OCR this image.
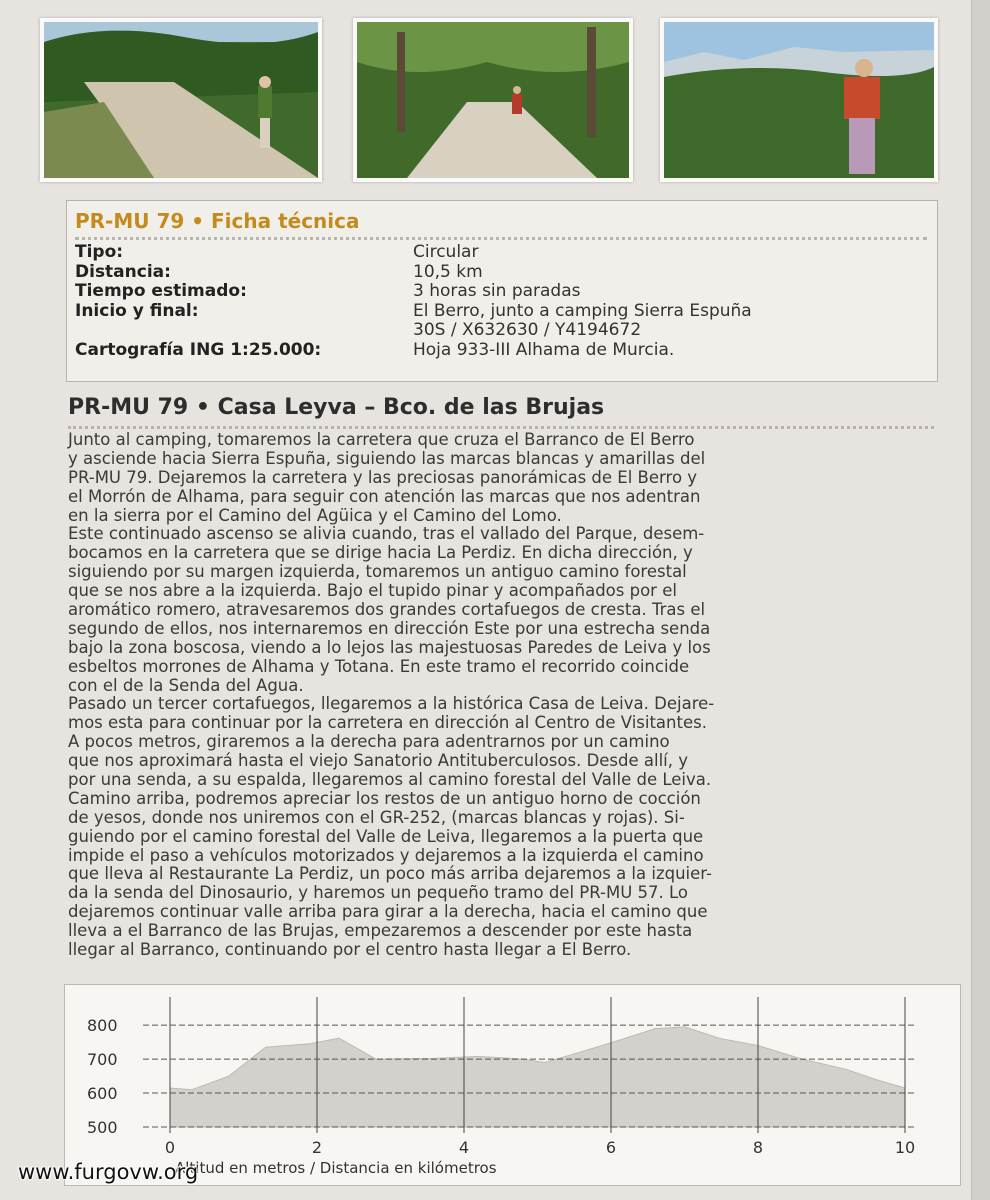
PR-MU 79 • Ficha técnica
Tipo:	Circular
Distancia:	10,5 km
Tiempo estimado:	3 horas sin paradas
Inicio y final:	El Berro, junto a camping Sierra Espuña
30S / X632630 / Y4194672
Cartografía ING 1:25.000:	Hoja 933-III Alhama de Murcia.
PR-MU 79 • Casa Leyva – Bco. de las Brujas
Junto al camping, tomaremos la carretera que cruza el Barranco de El Berro
y asciende hacia Sierra Espuña, siguiendo las marcas blancas y amarillas del
PR-MU 79. Dejaremos la carretera y las preciosas panorámicas de El Berro y
el Morrón de Alhama, para seguir con atención las marcas que nos adentran
en la sierra por el Camino del Agüica y el Camino del Lomo.
Este continuado ascenso se alivia cuando, tras el vallado del Parque, desem-
bocamos en la carretera que se dirige hacia La Perdiz. En dicha dirección, y
siguiendo por su margen izquierda, tomaremos un antiguo camino forestal
que se nos abre a la izquierda. Bajo el tupido pinar y acompañados por el
aromático romero, atravesaremos dos grandes cortafuegos de cresta. Tras el
segundo de ellos, nos internaremos en dirección Este por una estrecha senda
bajo la zona boscosa, viendo a lo lejos las majestuosas Paredes de Leiva y los
esbeltos morrones de Alhama y Totana. En este tramo el recorrido coincide
con el de la Senda del Agua.
Pasado un tercer cortafuegos, llegaremos a la histórica Casa de Leiva. Dejare-
mos esta para continuar por la carretera en dirección al Centro de Visitantes.
A pocos metros, giraremos a la derecha para adentrarnos por un camino
que nos aproximará hasta el viejo Sanatorio Antituberculosos. Desde allí, y
por una senda, a su espalda, llegaremos al camino forestal del Valle de Leiva.
Camino arriba, podremos apreciar los restos de un antiguo horno de cocción
de yesos, donde nos uniremos con el GR-252, (marcas blancas y rojas). Si-
guiendo por el camino forestal del Valle de Leiva, llegaremos a la puerta que
impide el paso a vehículos motorizados y dejaremos a la izquierda el camino
que lleva al Restaurante La Perdiz, un poco más arriba dejaremos a la izquier-
da la senda del Dinosaurio, y haremos un pequeño tramo del PR-MU 57. Lo
dejaremos continuar valle arriba para girar a la derecha, hacia el camino que
lleva a el Barranco de las Brujas, empezaremos a descender por este hasta
llegar al Barranco, continuando por el centro hasta llegar a El Berro.
800
700
600
500
0	2	4	6	8	10
Altitud en metros / Distancia en kilómetros
www.furgovw.org
